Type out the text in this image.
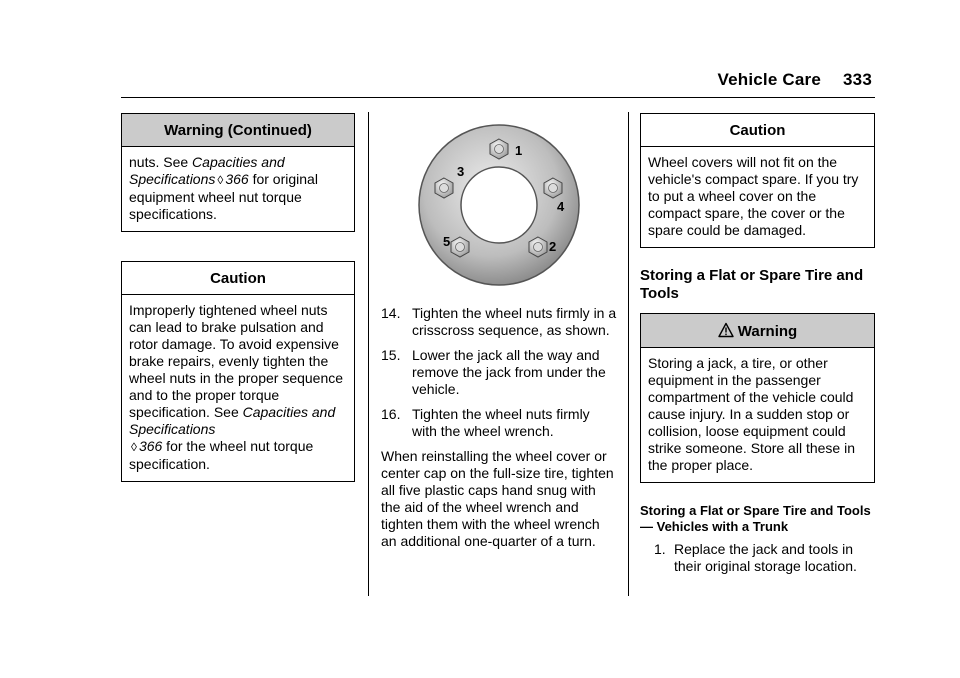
Vehicle Care 333
Warning (Continued)

nuts. See Capacities and Specifications ◊ 366 for original equipment wheel nut torque specifications.

Caution

Improperly tightened wheel nuts can lead to brake pulsation and rotor damage. To avoid expensive brake repairs, evenly tighten the wheel nuts in the proper sequence and to the proper torque specification. See Capacities and Specifications
◊ 366 for the wheel nut torque specification.

1
2
3
4
5
14. Tighten the wheel nuts firmly in a crisscross sequence, as shown.
15. Lower the jack all the way and remove the jack from under the vehicle.
16. Tighten the wheel nuts firmly with the wheel wrench.

When reinstalling the wheel cover or center cap on the full-size tire, tighten all five plastic caps hand snug with the aid of the wheel wrench and tighten them with the wheel wrench an additional one-quarter of a turn.

Caution

Wheel covers will not fit on the vehicle's compact spare. If you try to put a wheel cover on the compact spare, the cover or the spare could be damaged.

Storing a Flat or Spare Tire and Tools

Warning

Storing a jack, a tire, or other equipment in the passenger compartment of the vehicle could cause injury. In a sudden stop or collision, loose equipment could strike someone. Store all these in the proper place.

Storing a Flat or Spare Tire and Tools — Vehicles with a Trunk

1. Replace the jack and tools in their original storage location.
